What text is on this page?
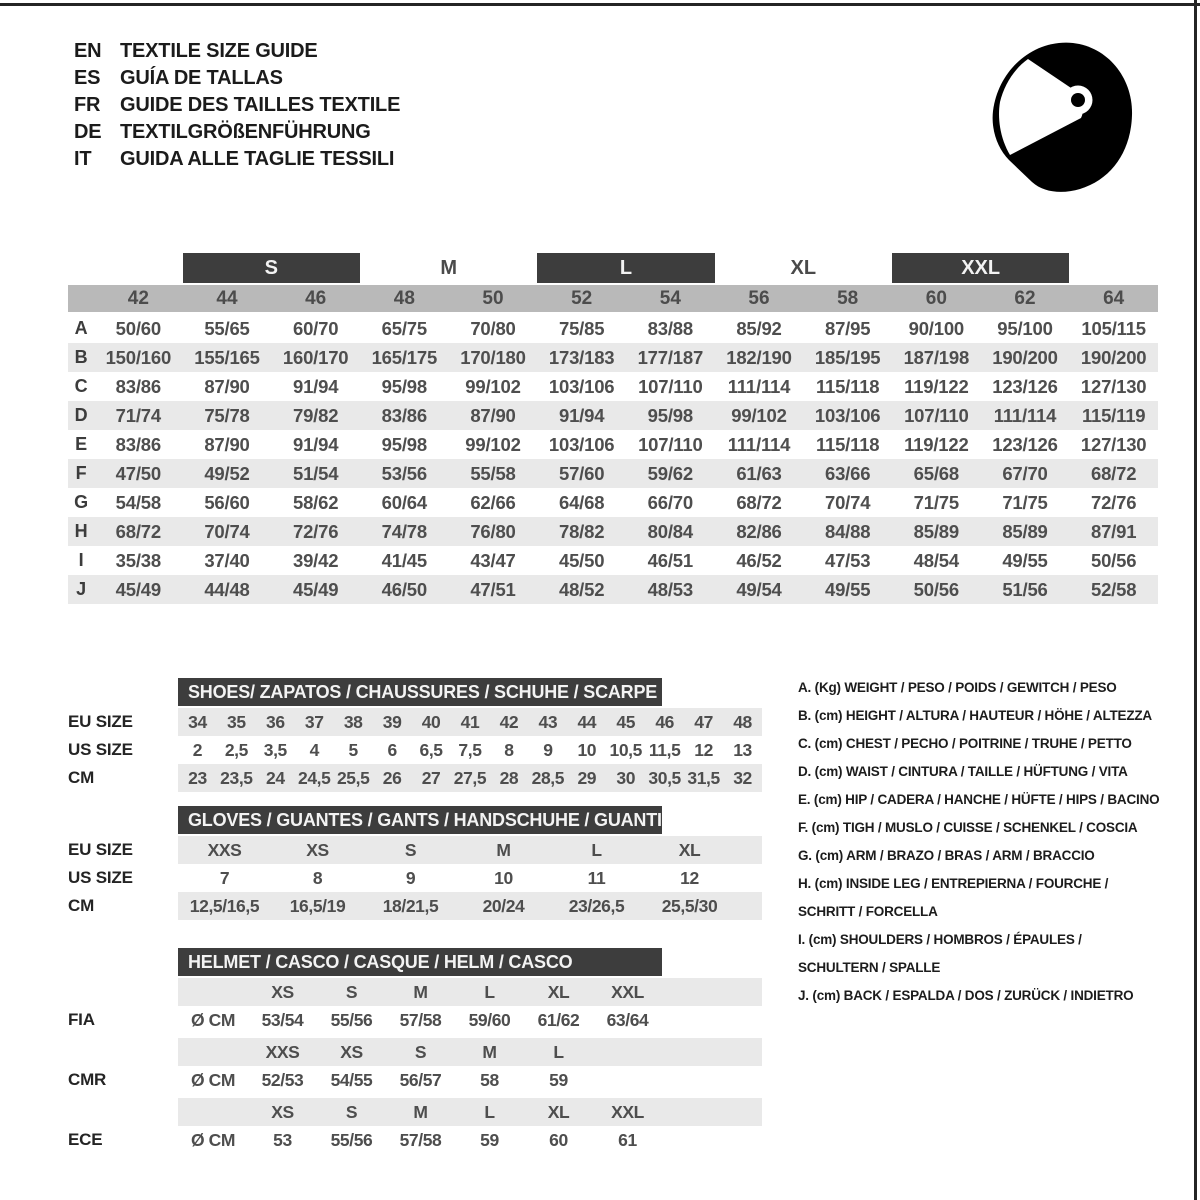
EN TEXTILE SIZE GUIDE
ES GUÍA DE TALLAS
FR GUIDE DES TAILLES TEXTILE
DE TEXTILGRÖßENFÜHRUNG
IT	GUIDA ALLE TAGLIE TESSILI
S	M	L	XL	XXL
42	44	46	48	50	52	54	56	58	60	62	64
A	50/60	55/65	60/70	65/75	70/80	75/85	83/88	85/92	87/95	90/100	95/100	105/115
B 150/160	155/165	160/170	165/175	170/180	173/183	177/187	182/190	185/195	187/198	190/200	190/200
C	83/86	87/90	91/94	95/98	99/102	103/106	107/110	111/114	115/118	119/122	123/126	127/130
D	71/74	75/78	79/82	83/86	87/90	91/94	95/98	99/102	103/106	107/110	111/114	115/119
E	83/86	87/90	91/94	95/98	99/102	103/106	107/110	111/114	115/118	119/122	123/126	127/130
F	47/50	49/52	51/54	53/56	55/58	57/60	59/62	61/63	63/66	65/68	67/70	68/72
G	54/58	56/60	58/62	60/64	62/66	64/68	66/70	68/72	70/74	71/75	71/75	72/76
H	68/72	70/74	72/76	74/78	76/80	78/82	80/84	82/86	84/88	85/89	85/89	87/91
I	35/38	37/40	39/42	41/45	43/47	45/50	46/51	46/52	47/53	48/54	49/55	50/56
J	45/49	44/48	45/49	46/50	47/51	48/52	48/53	49/54	49/55	50/56	51/56	52/58
SHOES/ ZAPATOS / CHAUSSURES / SCHUHE / SCARPE
EU SIZE	34	35	36	37	38	39	40	41	42	43	44	45	46	47	48
US SIZE	2	2,5 3,5	4	5	6	6,5 7,5	8	9	10 10,5 11,5 12	13
CM	23 23,5 24 24,5 25,5 26	27 27,5 28 28,5 29	30 30,5 31,5 32
GLOVES / GUANTES / GANTS / HANDSCHUHE / GUANTI
EU SIZE	XXS	XS	S	M	L	XL
US SIZE	7	8	9	10	11	12
CM	12,5/16,5	16,5/19	18/21,5	20/24	23/26,5	25,5/30
HELMET / CASCO / CASQUE / HELM / CASCO
XS	S	M	L	XL	XXL
FIA	Ø CM	53/54	55/56	57/58	59/60	61/62	63/64
XXS	XS	S	M	L
CMR	Ø CM	52/53	54/55	56/57	58	59
XS	S	M	L	XL	XXL
ECE	Ø CM	53	55/56	57/58	59	60	61
A. (Kg) WEIGHT / PESO / POIDS / GEWITCH / PESO
B. (cm) HEIGHT / ALTURA / HAUTEUR / HÖHE / ALTEZZA
C. (cm) CHEST / PECHO / POITRINE / TRUHE / PETTO
D. (cm) WAIST / CINTURA / TAILLE / HÜFTUNG / VITA
E. (cm) HIP / CADERA / HANCHE / HÜFTE / HIPS / BACINO
F. (cm) TIGH / MUSLO / CUISSE / SCHENKEL / COSCIA
G. (cm) ARM / BRAZO / BRAS / ARM / BRACCIO
H. (cm) INSIDE LEG / ENTREPIERNA / FOURCHE /
SCHRITT / FORCELLA
I. (cm) SHOULDERS / HOMBROS / ÉPAULES /
SCHULTERN / SPALLE
J. (cm) BACK / ESPALDA / DOS / ZURÜCK / INDIETRO
